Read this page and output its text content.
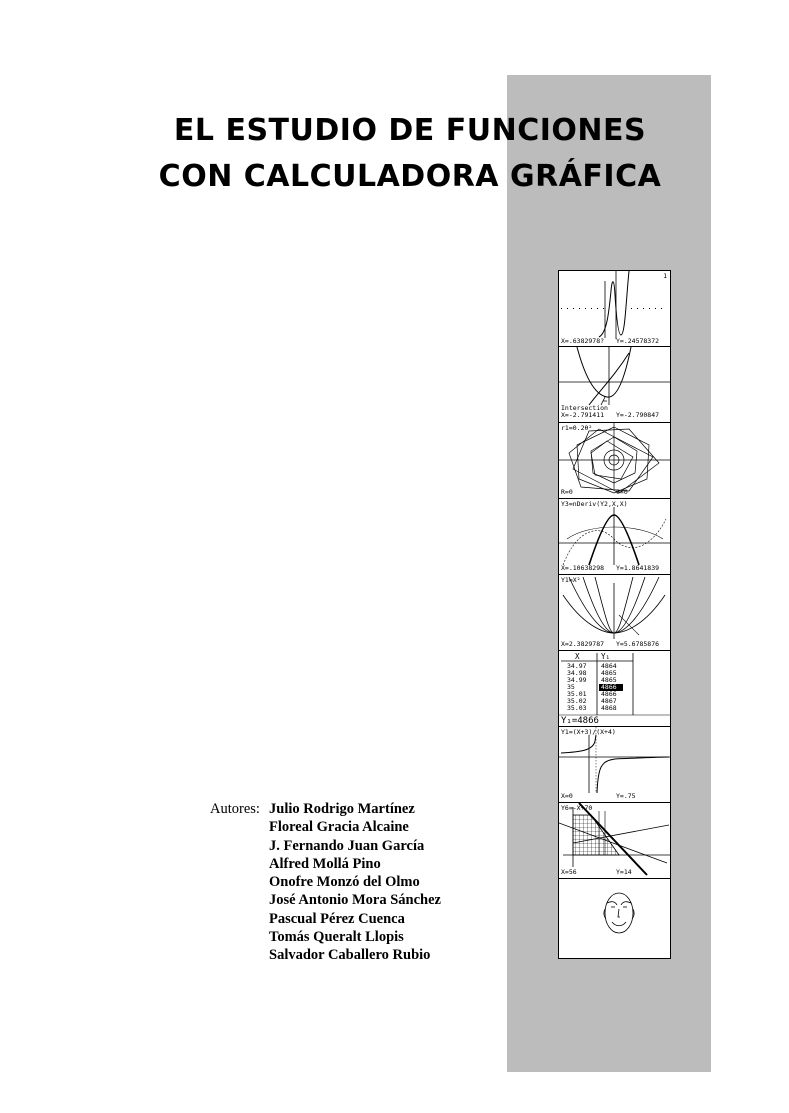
EL ESTUDIO DE FUNCIONES
CON CALCULADORA GRÁFICA
1
X=.6382978? Y=.24578372
Intersection
X=-2.791411 Y=-2.790847
r1=0.2θ²
R=0	θ=0
Y3=nDeriv(Y2,X,X)
X=.10638298 Y=1.8641839
Y1=X²
X=2.3829787 Y=5.6785876
X	Y₁
34.97 4864
34.98 4865
34.99 4865
35	4866
35.01 4866
35.02 4867
35.03 4868
Y₁=4866
Y1=(X+3)/(X+4)
X=0	Y=.75
Y6=-X+70
X=56	Y=14
Autores: Julio Rodrigo Martínez
Floreal Gracia Alcaine
J. Fernando Juan García
Alfred Mollá Pino
Onofre Monzó del Olmo
José Antonio Mora Sánchez
Pascual Pérez Cuenca
Tomás Queralt Llopis
Salvador Caballero Rubio
